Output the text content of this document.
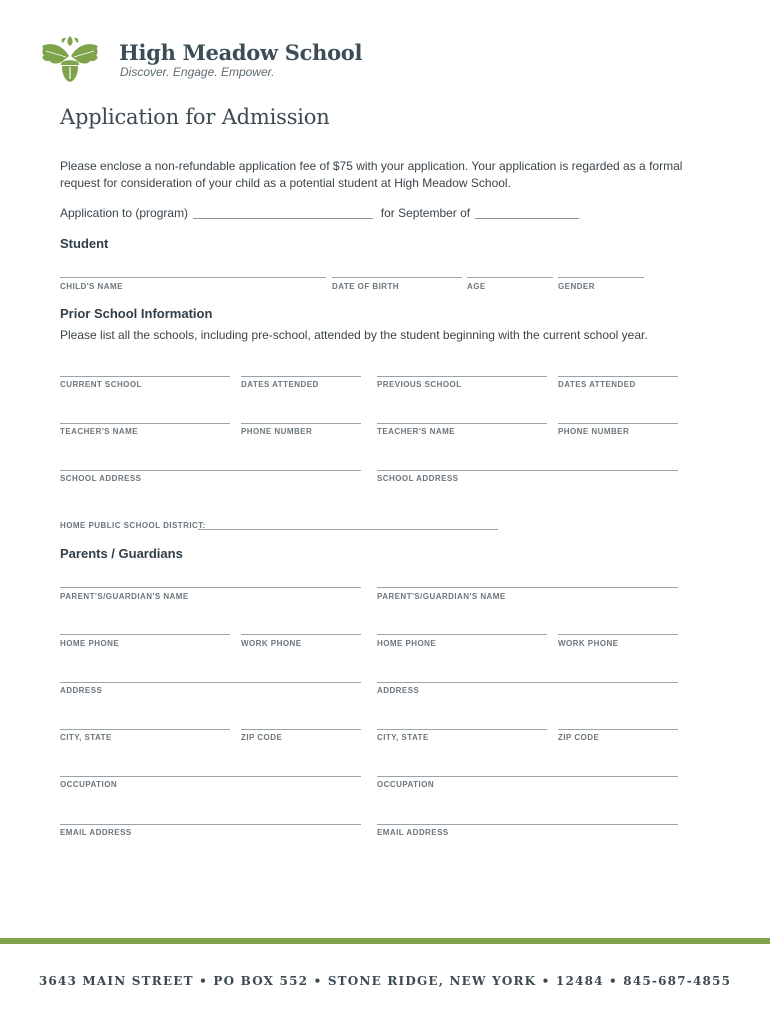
High Meadow School
Discover. Engage. Empower.
Application for Admission
Please enclose a non-refundable application fee of $75 with your application. Your application is regarded as a formal request for consideration of your child as a potential student at High Meadow School.
Application to (program)	for September of
Student
CHILD'S NAME	DATE OF BIRTH	AGE	GENDER
Prior School Information
Please list all the schools, including pre-school, attended by the student beginning with the current school year.
CURRENT SCHOOL	DATES ATTENDED	PREVIOUS SCHOOL	DATES ATTENDED
TEACHER'S NAME	PHONE NUMBER	TEACHER'S NAME	PHONE NUMBER
SCHOOL ADDRESS	SCHOOL ADDRESS
HOME PUBLIC SCHOOL DISTRICT:
Parents / Guardians
PARENT'S/GUARDIAN'S NAME	PARENT'S/GUARDIAN'S NAME
HOME PHONE	WORK PHONE	HOME PHONE	WORK PHONE
ADDRESS	ADDRESS
CITY, STATE	ZIP CODE	CITY, STATE	ZIP CODE
OCCUPATION	OCCUPATION
EMAIL ADDRESS	EMAIL ADDRESS
3643 MAIN STREET • PO BOX 552 • STONE RIDGE, NEW YORK • 12484 • 845-687-4855
